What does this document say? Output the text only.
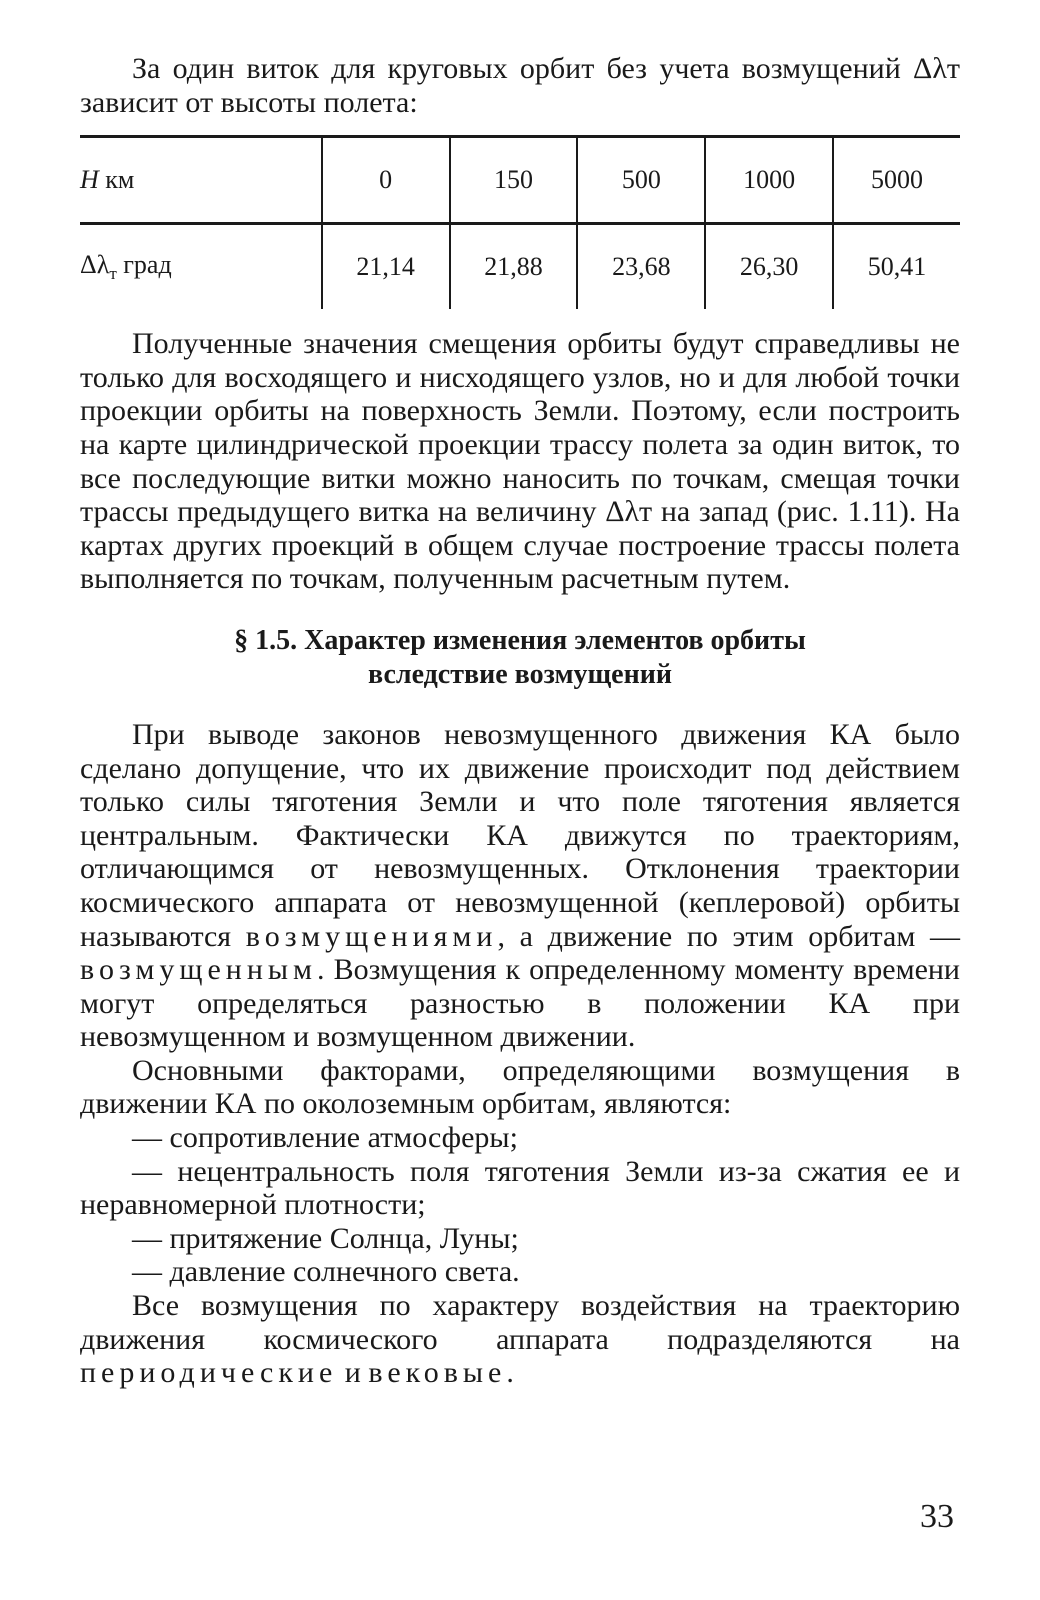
За один виток для круговых орбит без учета возмущений Δλт зависит от высоты полета:

H км	0	150	500	1000	5000
$\Delta\lambda_т$ град	21,14	21,88	23,68	26,30	50,41

Полученные значения смещения орбиты будут справедливы не только для восходящего и нисходящего узлов, но и для любой точки проекции орбиты на поверхность Земли. Поэтому, если построить на карте цилиндрической проекции трассу полета за один виток, то все последующие витки можно наносить по точкам, смещая точки трассы предыдущего витка на величину Δλт на запад (рис. 1.11). На картах других проекций в общем случае построение трассы полета выполняется по точкам, полученным расчетным путем.

§ 1.5. Характер изменения элементов орбиты
вследствие возмущений

При выводе законов невозмущенного движения КА было сделано допущение, что их движение происходит под действием только силы тяготения Земли и что поле тяготения является центральным. Фактически КА движутся по траекториям, отличающимся от невозмущенных. Отклонения траектории космического аппарата от невозмущенной (кеплеровой) орбиты называются возмущениями, а движение по этим орбитам — возмущенным. Возмущения к определенному моменту времени могут определяться разностью в положении КА при невозмущенном и возмущенном движении.

Основными факторами, определяющими возмущения в движении КА по околоземным орбитам, являются:

— сопротивление атмосферы;

— нецентральность поля тяготения Земли из-за сжатия ее и неравномерной плотности;

— притяжение Солнца, Луны;

— давление солнечного света.

Все возмущения по характеру воздействия на траекторию движения космического аппарата подразделяются на периодические и вековые.

33
